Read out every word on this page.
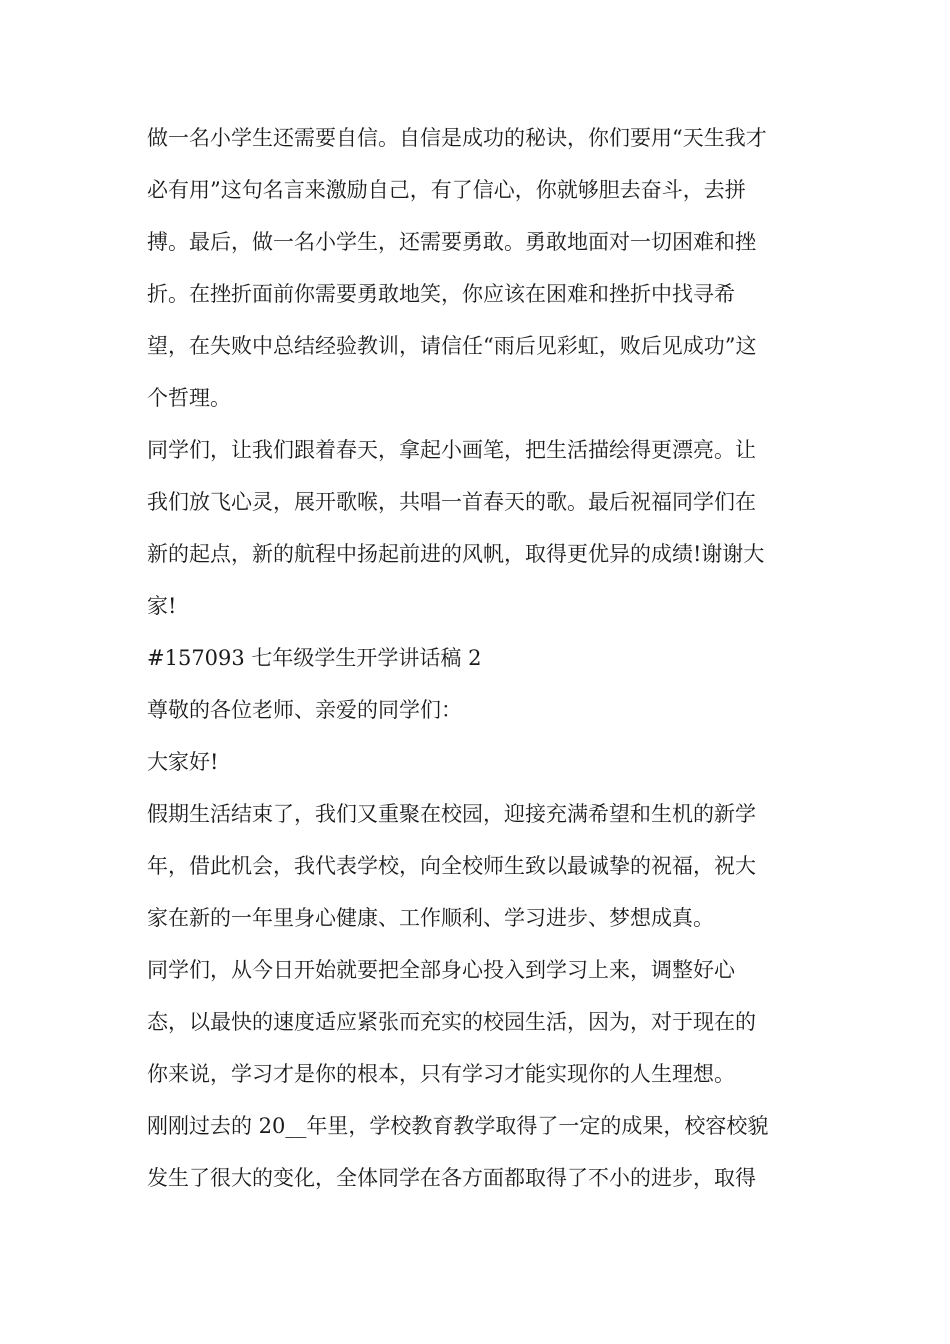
做一名小学生还需要自信。自信是成功的秘诀，你们要用“天生我才
必有用”这句名言来激励自己，有了信心，你就够胆去奋斗，去拼
搏。最后，做一名小学生，还需要勇敢。勇敢地面对一切困难和挫
折。在挫折面前你需要勇敢地笑，你应该在困难和挫折中找寻希
望，在失败中总结经验教训，请信任“雨后见彩虹，败后见成功”这
个哲理。
同学们，让我们跟着春天，拿起小画笔，把生活描绘得更漂亮。让
我们放飞心灵，展开歌喉，共唱一首春天的歌。最后祝福同学们在
新的起点，新的航程中扬起前进的风帆，取得更优异的成绩!谢谢大
家!
#157093 七年级学生开学讲话稿 2
尊敬的各位老师、亲爱的同学们：
大家好!
假期生活结束了，我们又重聚在校园，迎接充满希望和生机的新学
年，借此机会，我代表学校，向全校师生致以最诚挚的祝福，祝大
家在新的一年里身心健康、工作顺利、学习进步、梦想成真。
同学们，从今日开始就要把全部身心投入到学习上来，调整好心
态，以最快的速度适应紧张而充实的校园生活，因为，对于现在的
你来说，学习才是你的根本，只有学习才能实现你的人生理想。
刚刚过去的 20__年里，学校教育教学取得了一定的成果，校容校貌
发生了很大的变化，全体同学在各方面都取得了不小的进步，取得
